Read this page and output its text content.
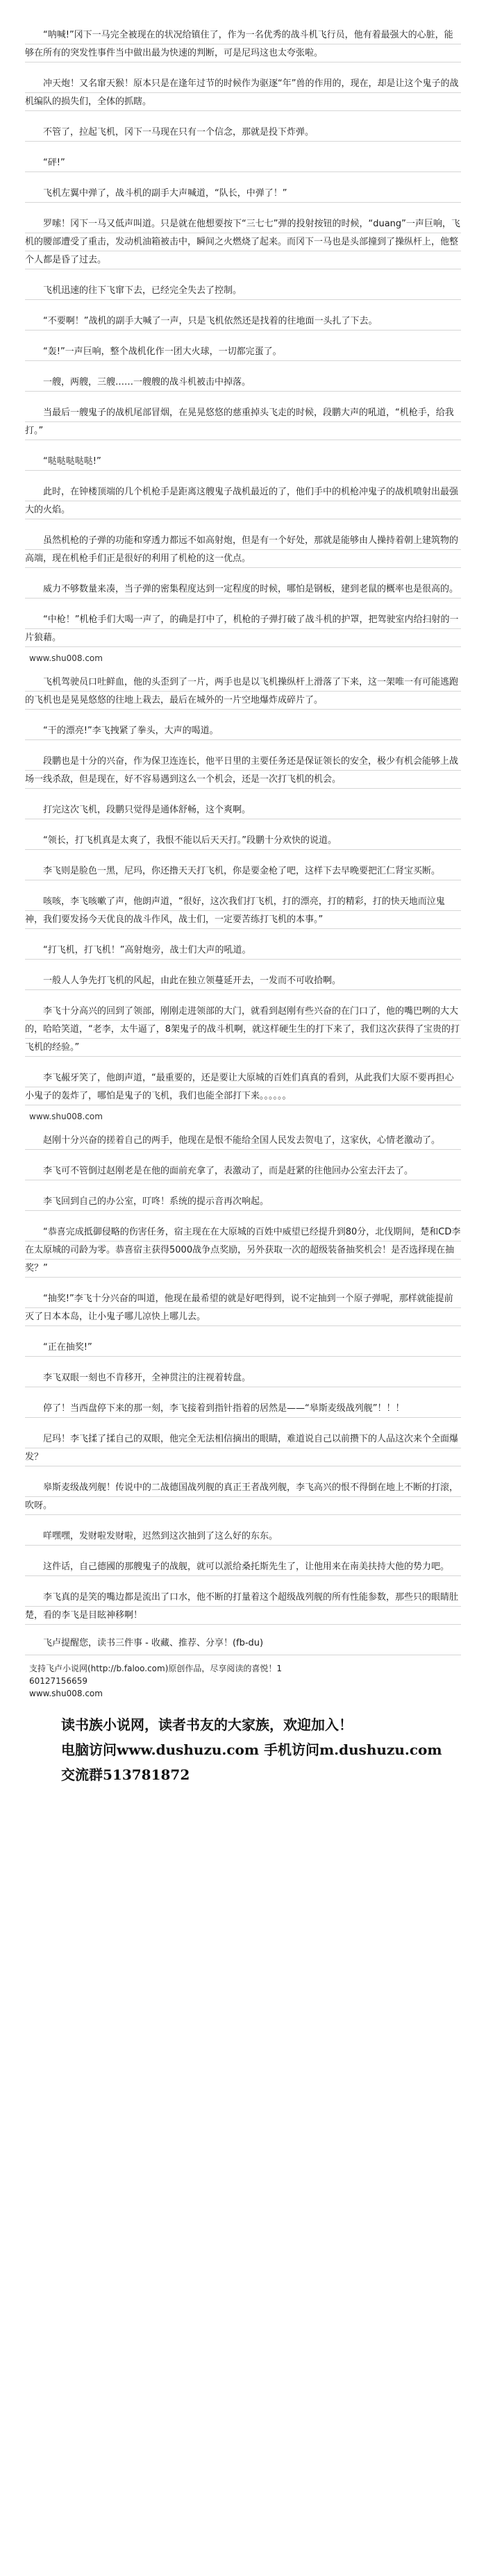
“呐喊!”冈下一马完全被现在的状况给镇住了，作为一名优秀的战斗机飞行员，他有着最强大的心脏，能够在所有的突发性事件当中做出最为快速的判断，可是尼玛这也太夸张啦。

冲天炮！又名窜天猴！原本只是在逢年过节的时候作为驱逐“年”兽的作用的，现在，却是让这个鬼子的战机编队的损失们，全体的抓瞎。

不管了，拉起飞机，冈下一马现在只有一个信念，那就是投下炸弹。

“砰!”

飞机左翼中弹了，战斗机的副手大声喊道，“队长，中弹了！”

罗嗦！冈下一马又低声叫道。只是就在他想要按下“三七七”弹的投射按钮的时候，“duang”一声巨响，飞机的腰部遭受了重击，发动机油箱被击中，瞬间之火燃烧了起来。而冈下一马也是头部撞到了操纵杆上，他整个人都是昏了过去。

飞机迅速的往下飞窜下去，已经完全失去了控制。

“不要啊！”战机的副手大喊了一声，只是飞机依然还是找着的往地面一头扎了下去。

“轰!”一声巨响，整个战机化作一团大火球，一切都完蛋了。

一艘，两艘，三艘……一艘艘的战斗机被击中掉落。

当最后一艘鬼子的战机尾部冒烟，在晃晃悠悠的慈重掉头飞走的时候，段鹏大声的吼道，“机枪手，给我打。”

“哒哒哒哒哒!”

此时，在钟楼顶端的几个机枪手是距离这艘鬼子战机最近的了，他们手中的机枪冲鬼子的战机喷射出最强大的火焰。

虽然机枪的子弹的功能和穿透力都远不如高射炮，但是有一个好处，那就是能够由人操持着朝上建筑物的高端，现在机枪手们正是很好的利用了机枪的这一优点。

威力不够数量来凑，当子弹的密集程度达到一定程度的时候，哪怕是钢板，建到老鼠的概率也是很高的。

“中枪！”机枪手们大喝一声了，的确是打中了，机枪的子弹打破了战斗机的护罩，把驾驶室内给扫射的一片狼藉。

www.shu008.com

飞机驾驶员口吐鲜血，他的头歪到了一片，两手也是以飞机操纵杆上滑落了下来，这一架唯一有可能逃跑的飞机也是晃晃悠悠的往地上栽去，最后在城外的一片空地爆炸成碎片了。

“干的漂亮!”李飞拽紧了拳头，大声的喝道。

段鹏也是十分的兴奋，作为保卫连连长，他平日里的主要任务还是保证领长的安全，极少有机会能够上战场一线杀敌，但是现在，好不容易遇到这么一个机会，还是一次打飞机的机会。

打完这次飞机，段鹏只觉得是通体舒畅，这个爽啊。

“领长，打飞机真是太爽了，我恨不能以后天天打。”段鹏十分欢快的说道。

李飞则是脸色一黑，尼玛，你还撸天天打飞机，你是要金枪了吧，这样下去早晚要把汇仁肾宝买断。

咳咳，李飞咳嗽了声，他朗声道，“很好，这次我们打飞机，打的漂亮，打的精彩，打的快天地而泣鬼神，我们要发扬今天优良的战斗作风，战士们，一定要苦练打飞机的本事。”

“打飞机，打飞机！”高射炮旁，战士们大声的吼道。

一般人人争先打飞机的风起，由此在独立领蔓延开去，一发而不可收拾啊。

李飞十分高兴的回到了领部，刚刚走进领部的大门，就看到赵刚有些兴奋的在门口了，他的嘴巴咧的大大的，哈哈笑道，“老李，太牛逼了，8架鬼子的战斗机啊，就这样硬生生的打下来了，我们这次获得了宝贵的打飞机的经验。”

李飞赧牙笑了，他朗声道，“最重要的，还是要让大原城的百姓们真真的看到，从此我们大原不要再担心小鬼子的轰炸了，哪怕是鬼子的飞机，我们也能全部打下来。。。。。。

www.shu008.com

赵刚十分兴奋的搓着自己的两手，他现在是恨不能给全国人民发去贺电了，这家伙，心情老激动了。

李飞可不管倒过赵刚老是在他的面前充拿了，表激动了，而是赶紧的往他回办公室去汗去了。

李飞回到自己的办公室，叮咚！系统的提示音再次响起。

“恭喜完成抵御侵略的伤害任务，宿主现在在大原城的百姓中威望已经提升到80分，北伐期间，楚和CD李在太原城的司龄为零。恭喜宿主获得5000战争点奖励，另外获取一次的超级装备抽奖机会！是否选择现在抽奖？”

“抽奖!”李飞十分兴奋的叫道，他现在最希望的就是好吧得到，说不定抽到一个原子弹呢，那样就能提前灭了日本本岛，让小鬼子哪儿凉快上哪儿去。

“正在抽奖!”

李飞双眼一刻也不肯移开，全神贯注的注视着转盘。

停了！当西盘停下来的那一刻，李飞接着到指针指着的居然是——“皋斯麦级战列舰”！！！

尼玛！李飞揉了揉自己的双眼，他完全无法相信摘出的眼睛，难道说自己以前攒下的人品这次来个全面爆发？

皋斯麦级战列舰！传说中的二战德国战列舰的真正王者战列舰，李飞高兴的恨不得倒在地上不断的打滚，吹呀。

咩嘿嘿，发财啦发财啦，迟然到这次抽到了这么好的东东。

这件话，自己德國的那艘鬼子的战舰，就可以派给桑托斯先生了，让他用来在南美扶持大他的势力吧。

李飞真的是笑的嘴边都是流出了口水，他不断的打量着这个超级战列舰的所有性能参数，那些只的眼睛肚楚，看的李飞是目眩神移啊！

飞卢提醒您，读书三件事 - 收藏、推荐、分享！(fb-du)

支持飞卢小说网(http://b.faloo.com)原创作品，尽享阅读的喜悦！1

60127156659

www.shu008.com

读书族小说网，读者书友的大家族，欢迎加入！

电脑访问www.dushuzu.com 手机访问m.dushuzu.com

交流群513781872
